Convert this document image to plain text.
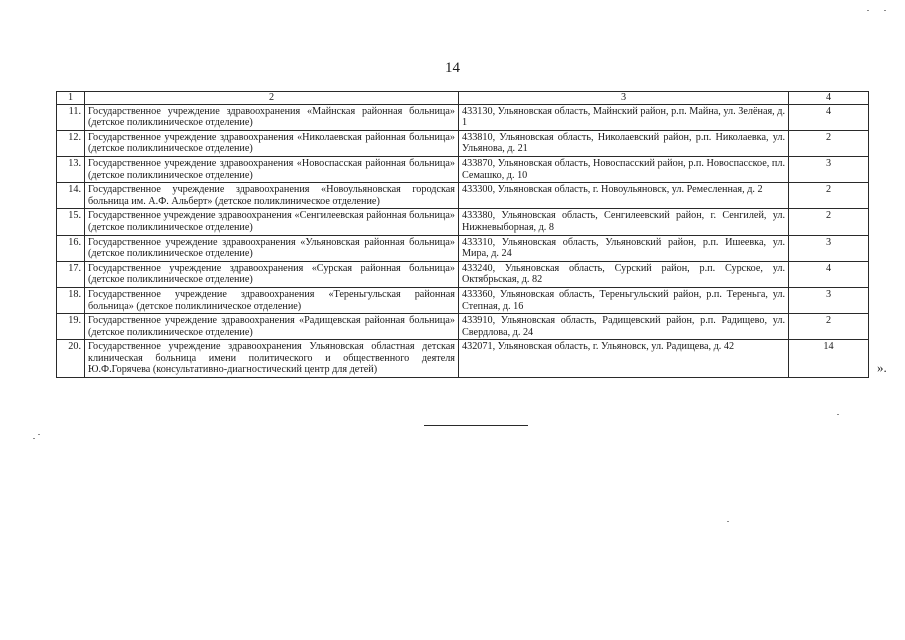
14
1	2	3	4
11.	Государственное учреждение здравоохранения «Майнская районная больница» (детское поликлиническое отделение)	433130, Ульяновская область, Майнский район, р.п. Майна, ул. Зелёная, д. 1	4
12.	Государственное учреждение здравоохранения «Николаевская районная больница» (детское поликлиническое отделение)	433810, Ульяновская область, Николаевский район, р.п. Николаевка, ул. Ульянова, д. 21	2
13.	Государственное учреждение здравоохранения «Новоспасская районная больница» (детское поликлиническое отделение)	433870, Ульяновская область, Новоспасский район, р.п. Новоспасское, пл. Семашко, д. 10	3
14.	Государственное учреждение здравоохранения «Новоульяновская городская больница им. А.Ф. Альберт» (детское поликлиническое отделение)	433300, Ульяновская область, г. Новоульяновск, ул. Ремесленная, д. 2	2
15.	Государственное учреждение здравоохранения «Сенгилеевская районная больница» (детское поликлиническое отделение)	433380, Ульяновская область, Сенгилеевский район, г. Сенгилей, ул. Нижневыборная, д. 8	2
16.	Государственное учреждение здравоохранения «Ульяновская районная больница» (детское поликлиническое отделение)	433310, Ульяновская область, Ульяновский район, р.п. Ишеевка, ул. Мира, д. 24	3
17.	Государственное учреждение здравоохранения «Сурская районная больница» (детское поликлиническое отделение)	433240, Ульяновская область, Сурский район, р.п. Сурское, ул. Октябрьская, д. 82	4
18.	Государственное учреждение здравоохранения «Тереньгульская районная больница» (детское поликлиническое отделение)	433360, Ульяновская область, Тереньгульский район, р.п. Тереньга, ул. Степная, д. 16	3
19.	Государственное учреждение здравоохранения «Радищевская районная больница» (детское поликлиническое отделение)	433910, Ульяновская область, Радищевский район, р.п. Радищево, ул. Свердлова, д. 24	2
20.	Государственное учреждение здравоохранения Ульяновская областная детская клиническая больница имени политического и общественного деятеля Ю.Ф.Горячева (консультативно-диагностический центр для детей)	432071, Ульяновская область, г. Ульяновск, ул. Радищева, д. 42	14
».
